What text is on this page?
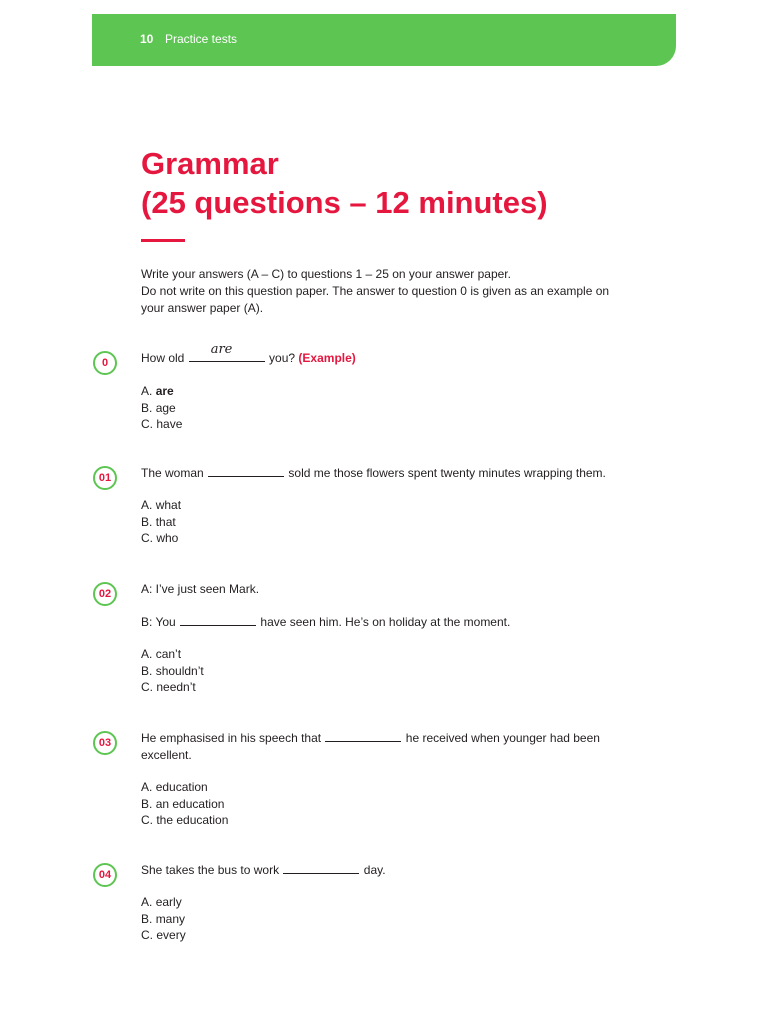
10 Practice tests
Grammar
(25 questions – 12 minutes)
Write your answers (A – C) to questions 1 – 25 on your answer paper.
Do not write on this question paper. The answer to question 0 is given as an example on
your answer paper (A).
0	How old
are
you? (Example)
A. are
B. age
C. have
01	The woman	sold me those flowers spent twenty minutes wrapping them.
A. what
B. that
C. who
02	A: I’ve just seen Mark.
B: You	have seen him. He’s on holiday at the moment.
A. can’t
B. shouldn’t
C. needn’t
03	He emphasised in his speech that	he received when younger had been
excellent.
A. education
B. an education
C. the education
04	She takes the bus to work	day.
A. early
B. many
C. every
